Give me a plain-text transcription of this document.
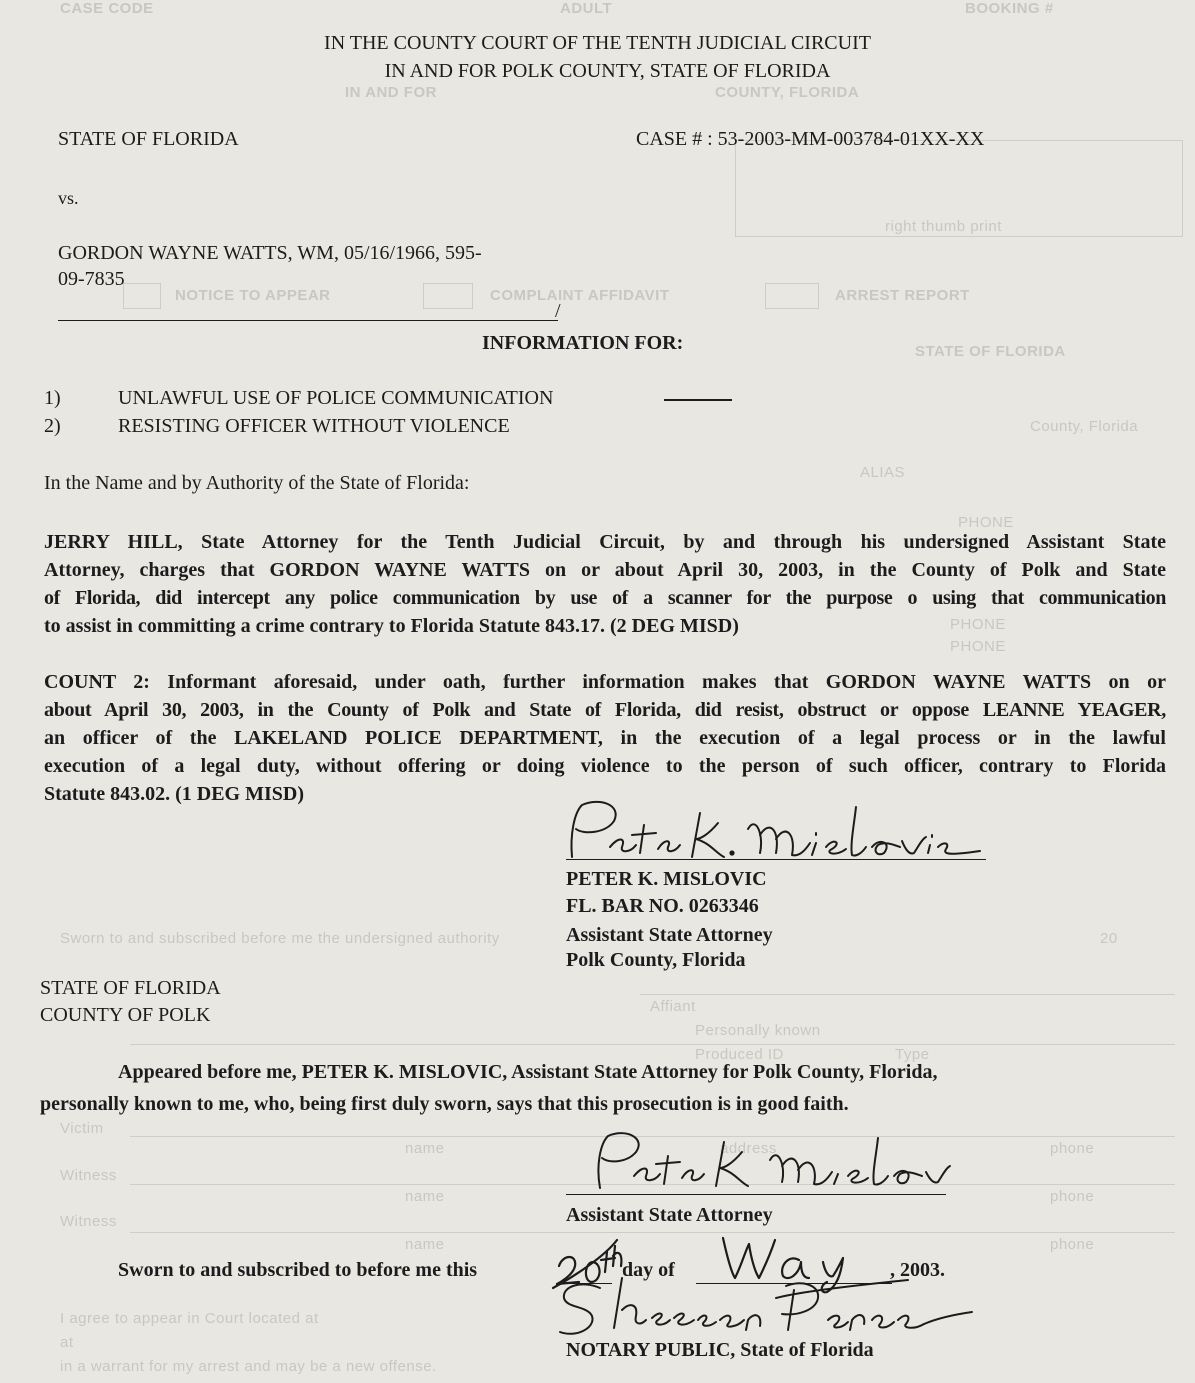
ADULT	BOOKING #
CASE CODE
IN AND FOR	COUNTY, FLORIDA
right thumb print
NOTICE TO APPEAR	COMPLAINT AFFIDAVIT	ARREST REPORT
STATE OF FLORIDA
County, Florida
ALIAS
PHONE
PHONE
PHONE
Sworn to and subscribed before me the undersigned authority	20
Personally known
Produced ID	Type
Affiant
Victim
Witness
Witness
name	address	phone
name	phone
name	phone
I agree to appear in Court located at
at
in a warrant for my arrest and may be a new offense.
IN THE COUNTY COURT OF THE TENTH JUDICIAL CIRCUIT
IN AND FOR POLK COUNTY, STATE OF FLORIDA
STATE OF FLORIDA	CASE # : 53-2003-MM-003784-01XX-XX
vs.
GORDON WAYNE WATTS, WM, 05/16/1966, 595-
09-7835
/
INFORMATION FOR:
1)	UNLAWFUL USE OF POLICE COMMUNICATION
2)	RESISTING OFFICER WITHOUT VIOLENCE
In the Name and by Authority of the State of Florida:
JERRY HILL, State Attorney for the Tenth Judicial Circuit, by and through his undersigned Assistant State
Attorney, charges that GORDON WAYNE WATTS on or about April 30, 2003, in the County of Polk and State
of Florida, did intercept any police communication by use of a scanner for the purpose o using that communication
to assist in committing a crime contrary to Florida Statute 843.17. (2 DEG MISD)
COUNT 2: Informant aforesaid, under oath, further information makes that GORDON WAYNE WATTS on or
about April 30, 2003, in the County of Polk and State of Florida, did resist, obstruct or oppose LEANNE YEAGER,
an officer of the LAKELAND POLICE DEPARTMENT, in the execution of a legal process or in the lawful
execution of a legal duty, without offering or doing violence to the person of such officer, contrary to Florida
Statute 843.02. (1 DEG MISD)
PETER K. MISLOVIC
FL. BAR NO. 0263346
Assistant State Attorney
Polk County, Florida
STATE OF FLORIDA
COUNTY OF POLK
Appeared before me, PETER K. MISLOVIC, Assistant State Attorney for Polk County, Florida,
personally known to me, who, being first duly sworn, says that this prosecution is in good faith.
Assistant State Attorney
Sworn to and subscribed to before me this	day of	, 2003.
NOTARY PUBLIC, State of Florida
